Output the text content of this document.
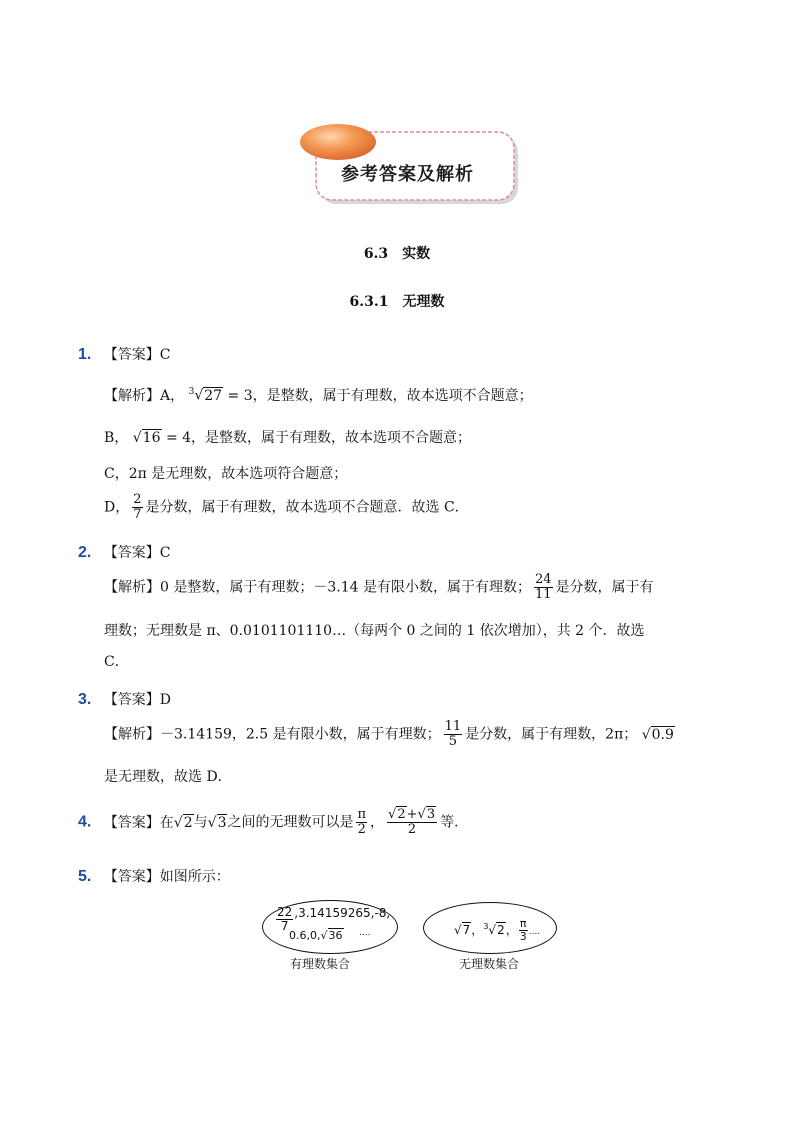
参考答案及解析
6.3　实数
6.3.1　无理数
1. 【答案】C
【解析】A， $^3$√27 = 3，是整数，属于有理数，故本选项不合题意；
B， √16 = 4，是整数，属于有理数，故本选项不合题意；
C，2π 是无理数，故本选项符合题意；
D， $\frac{2}{7}$ 是分数，属于有理数，故本选项不合题意．故选 C．
2. 【答案】C
【解析】0 是整数，属于有理数；－3.14 是有限小数，属于有理数； $\frac{24}{11}$ 是分数，属于有
理数；无理数是 π、0.0101101110…（每两个 0 之间的 1 依次增加），共 2 个．故选
C．
3. 【答案】D
【解析】－3.14159，2.5 是有限小数，属于有理数； $\frac{11}{5}$ 是分数，属于有理数，2π； √0.9
是无理数，故选 D．
4. 【答案】在√2与√3之间的无理数可以是 $\frac{\pi}{2}$ ， $\frac{√2+√3}{2}$ 等．
5. 【答案】如图所示：
$\frac{22}{7} ,3.14159265,-8$,
0.6,0,√36 ....
有理数集合
√7，$^3$√2， $\frac{\pi}{3}$ ....
无理数集合
